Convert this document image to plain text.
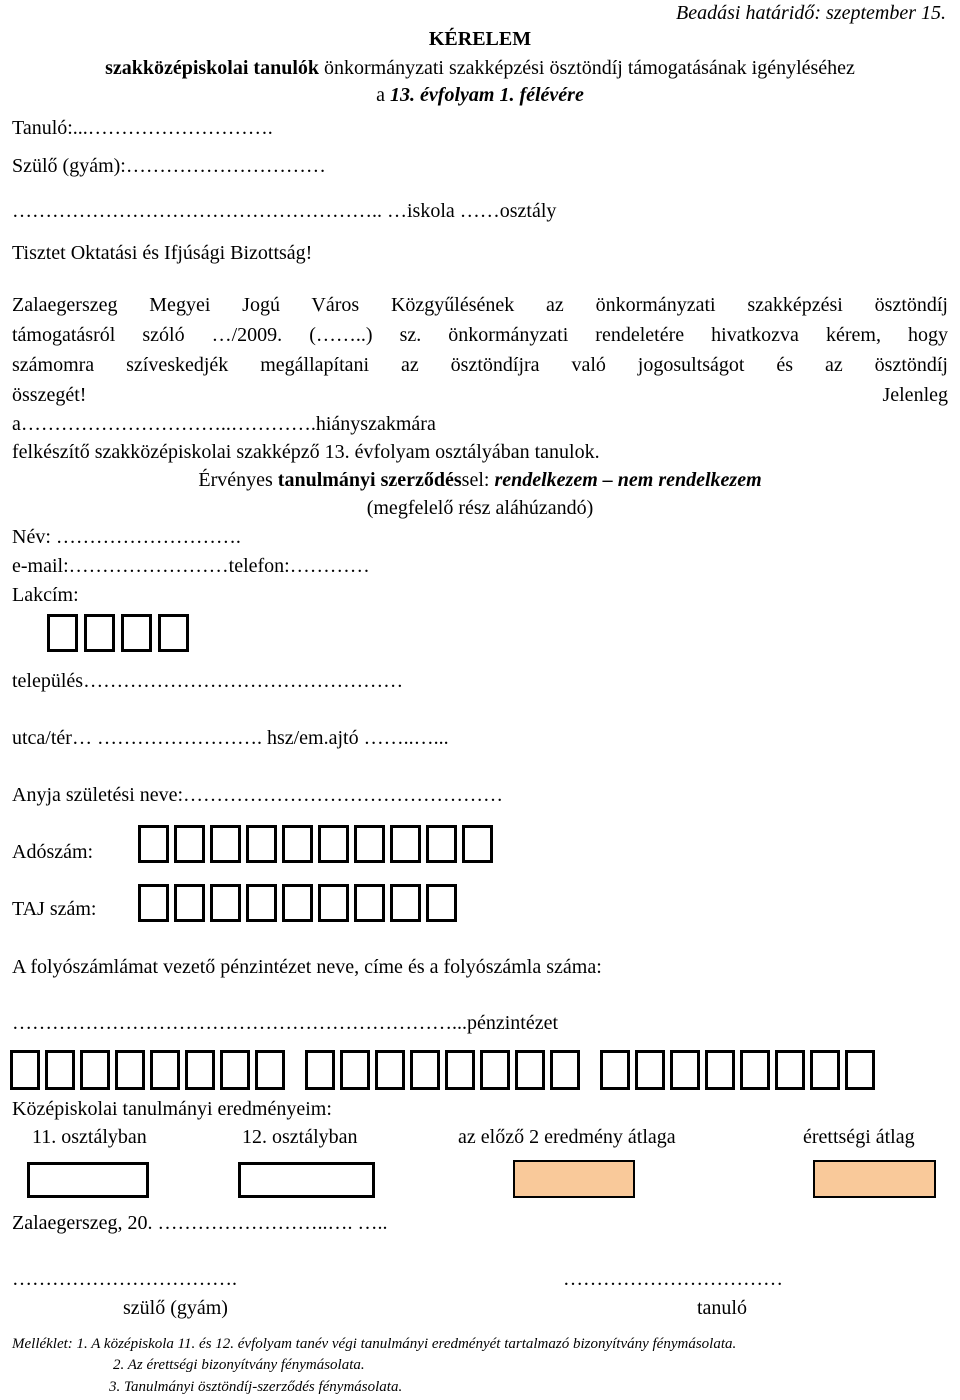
Beadási határidő: szeptember 15.
KÉRELEM
szakközépiskolai tanulók önkormányzati szakképzési ösztöndíj támogatásának igényléséhez
a 13. évfolyam 1. félévére
Tanuló:...……………………….
Szülő (gyám):…………………………
……………………………………………….. …iskola ……osztály
Tisztet Oktatási és Ifjúsági Bizottság!
Zalaegerszeg Megyei Jogú Város Közgyűlésének az önkormányzati szakképzési ösztöndíj
támogatásról szóló …/2009. (……..) sz. önkormányzati rendeletére hivatkozva kérem, hogy
számomra szíveskedjék megállapítani az ösztöndíjra való jogosultságot és az ösztöndíj
összegét!	Jelenleg
a…………………………..………….hiányszakmára
felkészítő szakközépiskolai szakképző 13. évfolyam osztályában tanulok.
Érvényes tanulmányi szerződéssel: rendelkezem – nem rendelkezem
(megfelelő rész aláhúzandó)
Név: ……………………….
e-mail:……………………telefon:…………
Lakcím:
település…………………………………………
utca/tér… ……………………. hsz/em.ajtó ……..…...
Anyja születési neve:…………………………………………
Adószám:
TAJ szám:
A folyószámlámat vezető pénzintézet neve, címe és a folyószámla száma:
…………………………………………………………...pénzintézet
Középiskolai tanulmányi eredményeim:
11. osztályban	12. osztályban	az előző 2 eredmény átlaga	érettségi átlag
Zalaegerszeg, 20. ……………………..…. …..
…………………………….	……………………………
szülő (gyám)	tanuló
Melléklet: 1. A középiskola 11. és 12. évfolyam tanév végi tanulmányi eredményét tartalmazó bizonyítvány fénymásolata.
2. Az érettségi bizonyítvány fénymásolata.
3. Tanulmányi ösztöndíj-szerződés fénymásolata.
